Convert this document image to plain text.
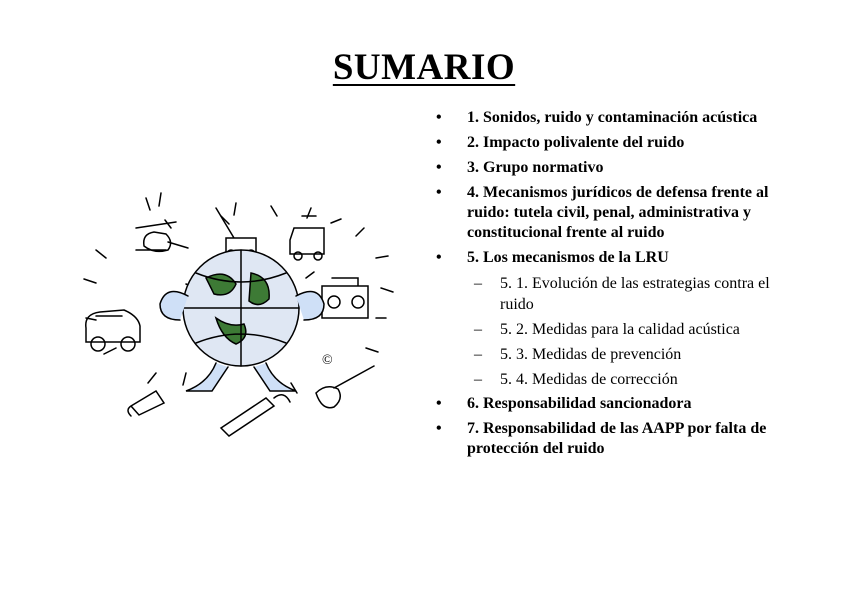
SUMARIO
©
• 1. Sonidos, ruido y contaminación acústica
• 2. Impacto polivalente del ruido
• 3. Grupo normativo
• 4. Mecanismos jurídicos de defensa frente al ruido: tutela civil, penal, administrativa y constitucional frente al ruido
• 5. Los mecanismos de la LRU
– 5. 1. Evolución de las estrategias contra el ruido
– 5. 2. Medidas para la calidad acústica
– 5. 3. Medidas de prevención
– 5. 4. Medidas de corrección
• 6. Responsabilidad sancionadora
• 7. Responsabilidad de las AAPP por falta de protección del ruido
